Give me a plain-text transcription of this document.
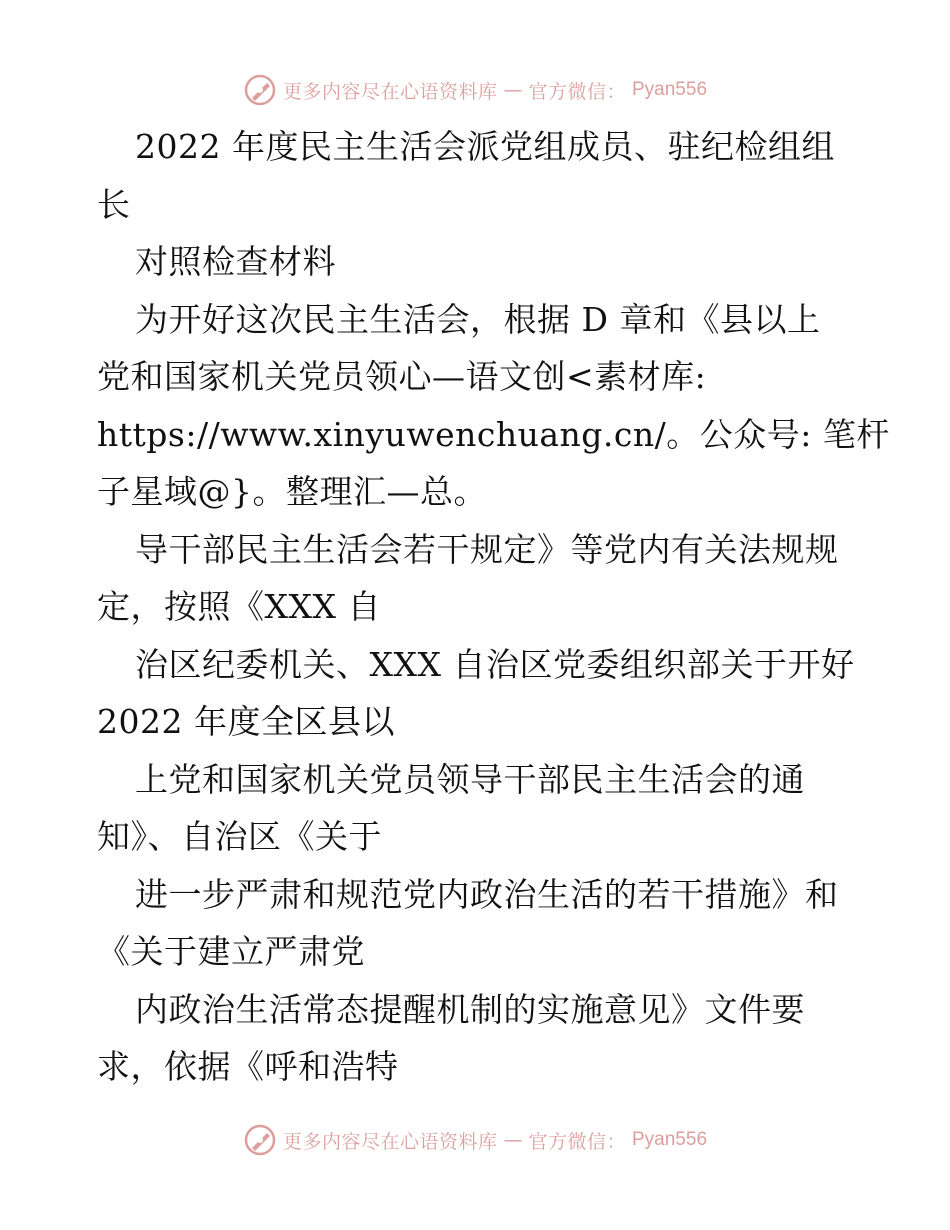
更多内容尽在心语资料库 — 官方微信： Pyan556
2022 年度民主生活会派党组成员、驻纪检组组
长
对照检查材料
为开好这次民主生活会，根据 D 章和《县以上
党和国家机关党员领心—语文创<素材库:
https://www.xinyuwenchuang.cn/。公众号: 笔杆
子星域@}。整理汇—总。
导干部民主生活会若干规定》等党内有关法规规
定，按照《XXX 自
治区纪委机关、XXX 自治区党委组织部关于开好
2022 年度全区县以
上党和国家机关党员领导干部民主生活会的通
知》、自治区《关于
进一步严肃和规范党内政治生活的若干措施》和
《关于建立严肃党
内政治生活常态提醒机制的实施意见》文件要
求，依据《呼和浩特
更多内容尽在心语资料库 — 官方微信： Pyan556
